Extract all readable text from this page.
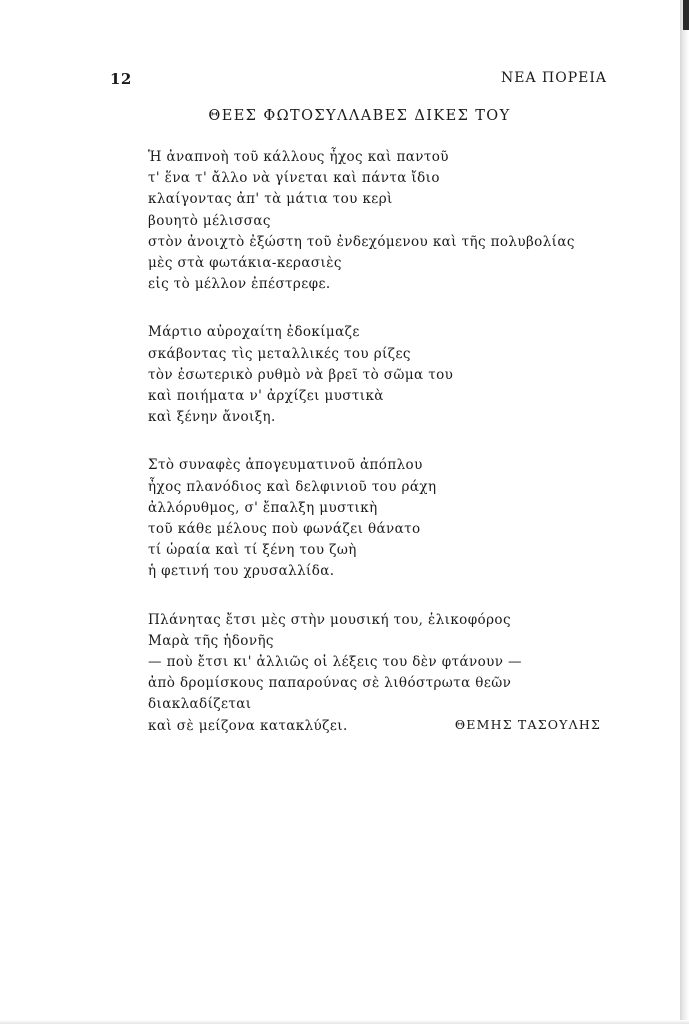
12	ΝΕΑ ΠΟΡΕΙΑ
ΘΕΕΣ ΦΩΤΟΣΥΛΛΑΒΕΣ ΔΙΚΕΣ ΤΟΥ
Ἡ ἀναπνοὴ τοῦ κάλλους ἦχος καὶ παντοῦ
τ' ἕνα τ' ἄλλο νὰ γίνεται καὶ πάντα ἴδιο
κλαίγοντας ἀπ' τὰ μάτια του κερὶ
βουητὸ μέλισσας
στὸν ἀνοιχτὸ ἐξώστη τοῦ ἐνδεχόμενου καὶ τῆς πολυβολίας
μὲς στὰ φωτάκια-κερασιὲς
εἰς τὸ μέλλον ἐπέστρεφε.
Μάρτιο αὐροχαίτη ἐδοκίμαζε
σκάβοντας τὶς μεταλλικές του ρίζες
τὸν ἐσωτερικὸ ρυθμὸ νὰ βρεῖ τὸ σῶμα του
καὶ ποιήματα ν' ἀρχίζει μυστικὰ
καὶ ξένην ἄνοιξη.
Στὸ συναφὲς ἀπογευματινοῦ ἀπόπλου
ἦχος πλανόδιος καὶ δελφινιοῦ του ράχη
ἀλλόρυθμος, σ' ἔπαλξη μυστικὴ
τοῦ κάθε μέλους ποὺ φωνάζει θάνατο
τί ὡραία καὶ τί ξένη του ζωὴ
ἡ φετινή του χρυσαλλίδα.
Πλάνητας ἔτσι μὲς στὴν μουσική του, ἑλικοφόρος
Μαρὰ τῆς ἡδονῆς
— ποὺ ἔτσι κι' ἀλλιῶς οἱ λέξεις του δὲν φτάνουν —
ἀπὸ δρομίσκους παπαρούνας σὲ λιθόστρωτα θεῶν
διακλαδίζεται
καὶ σὲ μείζονα κατακλύζει.	ΘΕΜΗΣ ΤΑΣΟΥΛΗΣ
